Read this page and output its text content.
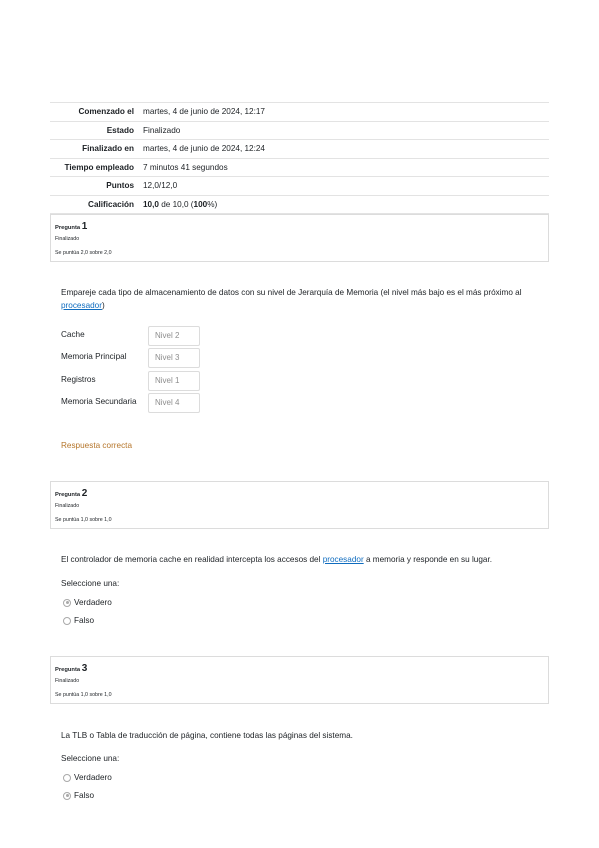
Comenzado el	martes, 4 de junio de 2024, 12:17
Estado	Finalizado
Finalizado en	martes, 4 de junio de 2024, 12:24
Tiempo empleado	7 minutos 41 segundos
Puntos	12,0/12,0
Calificación	10,0 de 10,0 (100%)
Pregunta 1
Finalizado
Se puntúa 2,0 sobre 2,0
Empareje cada tipo de almacenamiento de datos con su nivel de Jerarquía de Memoria (el nivel más bajo es el más próximo al procesador)
Cache	Nivel 2
Memoria Principal	Nivel 3
Registros	Nivel 1
Memoria Secundaria	Nivel 4
Respuesta correcta
Pregunta 2
Finalizado
Se puntúa 1,0 sobre 1,0
El controlador de memoria cache en realidad intercepta los accesos del procesador a memoria y responde en su lugar.
Seleccione una:
Verdadero
Falso
Pregunta 3
Finalizado
Se puntúa 1,0 sobre 1,0
La TLB o Tabla de traducción de página, contiene todas las páginas del sistema.
Seleccione una:
Verdadero
Falso
